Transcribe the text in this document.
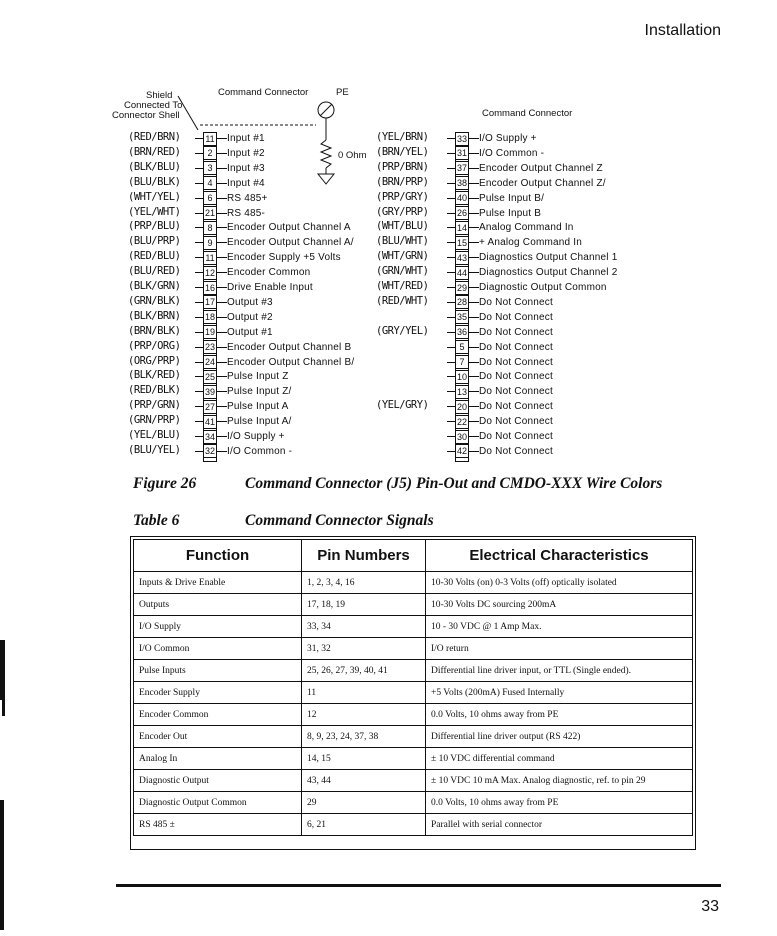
Installation
Shield
Connected To
Connector Shell
Command Connector	PE
0 Ohm
Command Connector
(RED/BRN)	11 Input #1
(BRN/RED)	2	Input #2
(BLK/BLU)	3	Input #3
(BLU/BLK)	4	Input #4
(WHT/YEL)	6	RS 485+
(YEL/WHT)	21 RS 485-
(PRP/BLU)	8	Encoder Output Channel A
(BLU/PRP)	9	Encoder Output Channel A/
(RED/BLU)	11 Encoder Supply +5 Volts
(BLU/RED)	12 Encoder Common
(BLK/GRN)	16 Drive Enable Input
(GRN/BLK)	17 Output #3
(BLK/BRN)	18 Output #2
(BRN/BLK)	19 Output #1
(PRP/ORG)	23 Encoder Output Channel B
(ORG/PRP)	24 Encoder Output Channel B/
(BLK/RED)	25 Pulse Input Z
(RED/BLK)	39 Pulse Input Z/
(PRP/GRN)	27 Pulse Input A
(GRN/PRP)	41 Pulse Input A/
(YEL/BLU)	34 I/O Supply +
(BLU/YEL)	32 I/O Common -
(YEL/BRN)	33 I/O Supply +
(BRN/YEL)	31 I/O Common -
(PRP/BRN)	37 Encoder Output Channel Z
(BRN/PRP)	38 Encoder Output Channel Z/
(PRP/GRY)	40 Pulse Input B/
(GRY/PRP)	26 Pulse Input B
(WHT/BLU)	14 Analog Command In
(BLU/WHT)	15 + Analog Command In
(WHT/GRN)	43 Diagnostics Output Channel 1
(GRN/WHT)	44 Diagnostics Output Channel 2
(WHT/RED)	29 Diagnostic Output Common
(RED/WHT)	28 Do Not Connect
35 Do Not Connect
(GRY/YEL)	36 Do Not Connect
5	Do Not Connect
7	Do Not Connect
10 Do Not Connect
13 Do Not Connect
(YEL/GRY)	20 Do Not Connect
22 Do Not Connect
30 Do Not Connect
42 Do Not Connect
Figure 26	Command Connector (J5) Pin-Out and CMDO-XXX Wire Colors
Table 6	Command Connector Signals
Function	Pin Numbers	Electrical Characteristics
Inputs & Drive Enable	1, 2, 3, 4, 16	10-30 Volts (on) 0-3 Volts (off) optically isolated
Outputs	17, 18, 19	10-30 Volts DC sourcing 200mA
I/O Supply	33, 34	10 - 30 VDC @ 1 Amp Max.
I/O Common	31, 32	I/O return
Pulse Inputs	25, 26, 27, 39, 40, 41	Differential line driver input, or TTL (Single ended).
Encoder Supply	11	+5 Volts (200mA) Fused Internally
Encoder Common	12	0.0 Volts, 10 ohms away from PE
Encoder Out	8, 9, 23, 24, 37, 38	Differential line driver output (RS 422)
Analog In	14, 15	± 10 VDC differential command
Diagnostic Output	43, 44	± 10 VDC 10 mA Max. Analog diagnostic, ref. to pin 29
Diagnostic Output Common	29	0.0 Volts, 10 ohms away from PE
RS 485 ±	6, 21	Parallel with serial connector
33
